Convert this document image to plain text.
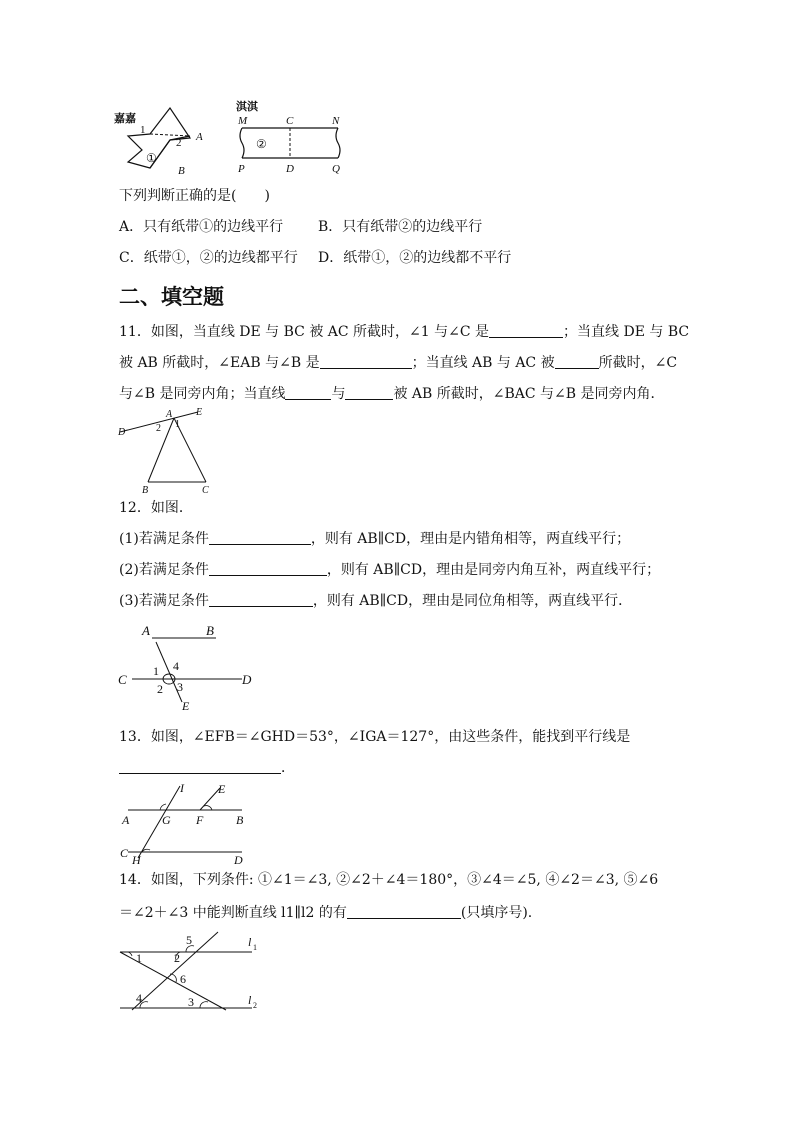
嘉嘉
1
2 A
B
①
淇淇
M	C	N
P	D	Q
②
下列判断正确的是(　　)
A．只有纸带①的边线平行 B．只有纸带②的边线平行
C．纸带①，②的边线都平行 D．纸带①，②的边线都不平行
二、填空题
11．如图，当直线 DE 与 BC 被 AC 所截时，∠1 与∠C 是	；当直线 DE 与 BC
被 AB 所截时，∠EAB 与∠B 是	；当直线 AB 与 AC 被	所截时，∠C
与∠B 是同旁内角；当直线	与	被 AB 所截时，∠BAC 与∠B 是同旁内角．
D
A E
2 1
B	C
12．如图．
(1)若满足条件	，则有 AB∥CD，理由是内错角相等，两直线平行；
(2)若满足条件	，则有 AB∥CD，理由是同旁内角互补，两直线平行；
(3)若满足条件	，则有 AB∥CD，理由是同位角相等，两直线平行．
A	B
C	D
E
1
2 3
4
13．如图，∠EFB＝∠GHD＝53°，∠IGA＝127°，由这些条件，能找到平行线是
．
I	E
A	G F	B
C H	D
14．如图，下列条件: ①∠1＝∠3, ②∠2＋∠4＝180°，③∠4＝∠5, ④∠2＝∠3, ⑤∠6
＝∠2＋∠3 中能判断直线 l1∥l2 的有	(只填序号).
5	l 1
1	2
6
4	3	l 2
